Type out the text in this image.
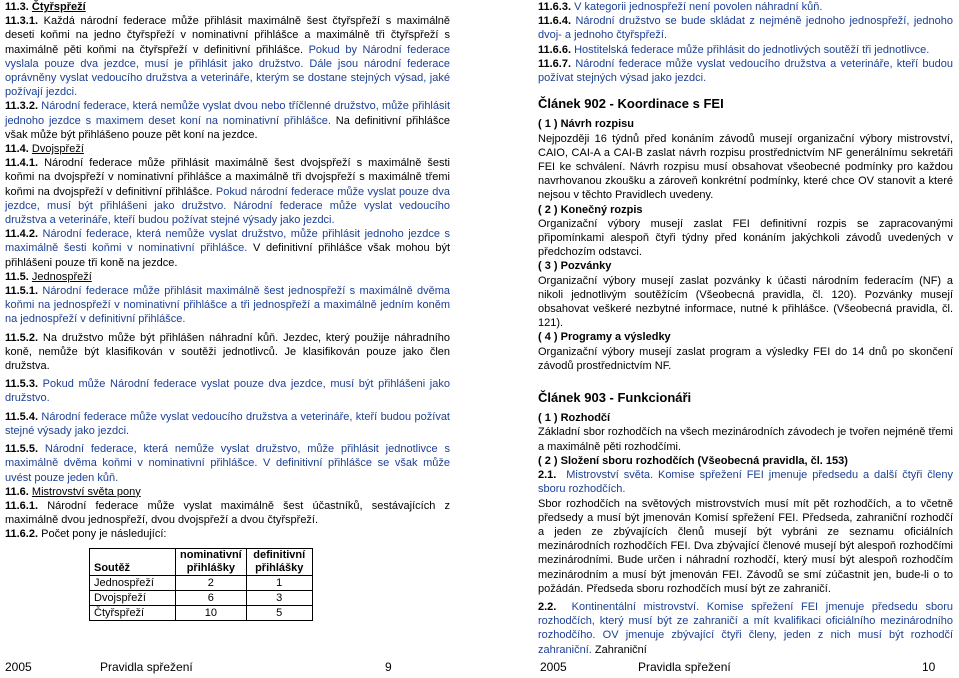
11.3. Čtyřspřeží

11.3.1. Každá národní federace může přihlásit maximálně šest čtyřspřeží s maximálně deseti koňmi na jedno čtyřspřeží v nominativní přihlášce a maximálně tři čtyřspřeží s maximálně pěti koňmi na čtyřspřeží v definitivní přihlášce. Pokud by Národní federace vyslala pouze dva jezdce, musí je přihlásit jako družstvo. Dále jsou národní federace oprávněny vyslat vedoucího družstva a veterináře, kterým se dostane stejných výsad, jaké požívají jezdci.

11.3.2. Národní federace, která nemůže vyslat dvou nebo tříčlenné družstvo, může přihlásit jednoho jezdce s maximem deset koní na nominativní přihlášce. Na definitivní přihlášce však může být přihlášeno pouze pět koní na jezdce.

11.4. Dvojspřeží

11.4.1. Národní federace může přihlásit maximálně šest dvojspřeží s maximálně šesti koňmi na dvojspřeží v nominativní přihlášce a maximálně tři dvojspřeží s maximálně třemi koňmi na dvojspřeží v definitivní přihlášce. Pokud národní federace může vyslat pouze dva jezdce, musí být přihlášeni jako družstvo. Národní federace může vyslat vedoucího družstva a veterináře, kteří budou požívat stejné výsady jako jezdci.

11.4.2. Národní federace, která nemůže vyslat družstvo, může přihlásit jednoho jezdce s maximálně šesti koňmi v nominativní přihlášce. V definitivní přihlášce však mohou být přihlášeni pouze tři koně na jezdce.

11.5. Jednospřeží

11.5.1. Národní federace může přihlásit maximálně šest jednospřeží s maximálně dvěma koňmi na jednospřeží v nominativní přihlášce a tři jednospřeží a maximálně jedním koněm na jednospřeží v definitivní přihlášce.

11.5.2. Na družstvo může být přihlášen náhradní kůň. Jezdec, který použije náhradního koně, nemůže být klasifikován v soutěži jednotlivců. Je klasifikován pouze jako člen družstva.

11.5.3. Pokud může Národní federace vyslat pouze dva jezdce, musí být přihlášeni jako družstvo.

11.5.4. Národní federace může vyslat vedoucího družstva a veterináře, kteří budou požívat stejné výsady jako jezdci.

11.5.5. Národní federace, která nemůže vyslat družstvo, může přihlásit jednotlivce s maximálně dvěma koňmi v nominativní přihlášce. V definitivní přihlášce se však může uvést pouze jeden kůň.

11.6. Mistrovství světa pony

11.6.1. Národní federace může vyslat maximálně šest účastníků, sestávajících z maximálně dvou jednospřeží, dvou dvojspřeží a dvou čtyřspřeží.

11.6.2. Počet pony je následující:

Soutěž	nominativní přihlášky	definitivní přihlášky
Jednospřeží	2	1
Dvojspřeží	6	3
Čtyřspřeží	10	5

11.6.3. V kategorii jednospřeží není povolen náhradní kůň.

11.6.4. Národní družstvo se bude skládat z nejméně jednoho jednospřeží, jednoho dvoj- a jednoho čtyřspřeží.

11.6.6. Hostitelská federace může přihlásit do jednotlivých soutěží tři jednotlivce.

11.6.7. Národní federace může vyslat vedoucího družstva a veterináře, kteří budou požívat stejných výsad jako jezdci.

Článek 902 - Koordinace s FEI

( 1 ) Návrh rozpisu

Nejpozději 16 týdnů před konáním závodů musejí organizační výbory mistrovství, CAIO, CAI-A a CAI-B zaslat návrh rozpisu prostřednictvím NF generálnímu sekretáři FEI ke schválení. Návrh rozpisu musí obsahovat všeobecné podmínky pro každou navrhovanou zkoušku a zároveň konkrétní podmínky, které chce OV stanovit a které nejsou v těchto Pravidlech uvedeny.

( 2 ) Konečný rozpis

Organizační výbory musejí zaslat FEI definitivní rozpis se zapracovanými připomínkami alespoň čtyři týdny před konáním jakýchkoli závodů uvedených v předchozím odstavci.

( 3 ) Pozvánky

Organizační výbory musejí zaslat pozvánky k účasti národním federacím (NF) a nikoli jednotlivým soutěžícím (Všeobecná pravidla, čl. 120). Pozvánky musejí obsahovat veškeré nezbytné informace, nutné k přihlášce. (Všeobecná pravidla, čl. 121).

( 4 ) Programy a výsledky

Organizační výbory musejí zaslat program a výsledky FEI do 14 dnů po skončení závodů prostřednictvím NF.

Článek 903 - Funkcionáři

( 1 ) Rozhodčí

Základní sbor rozhodčích na všech mezinárodních závodech je tvořen nejméně třemi a maximálně pěti rozhodčími.

( 2 ) Složení sboru rozhodčích (Všeobecná pravidla, čl. 153)

2.1. Mistrovství světa. Komise spřežení FEI jmenuje předsedu a další čtyři členy sboru rozhodčích.

Sbor rozhodčích na světových mistrovstvích musí mít pět rozhodčích, a to včetně předsedy a musí být jmenován Komisí spřežení FEI. Předseda, zahraniční rozhodčí a jeden ze zbývajících členů musejí být vybráni ze seznamu oficiálních mezinárodních rozhodčích FEI. Dva zbývající členové musejí být alespoň rozhodčími mezinárodními. Bude určen i náhradní rozhodčí, který musí být alespoň rozhodčím mezinárodním a musí být jmenován FEI. Závodů se smí zúčastnit jen, bude-li o to požádán. Předseda sboru rozhodčích musí být ze zahraničí.

2.2. Kontinentální mistrovství. Komise spřežení FEI jmenuje předsedu sboru rozhodčích, který musí být ze zahraničí a mít kvalifikaci oficiálního mezinárodního rozhodčího. OV jmenuje zbývající čtyři členy, jeden z nich musí být rozhodčí zahraniční. Zahraniční

2005	Pravidla spřežení	9	2005	Pravidla spřežení	10
